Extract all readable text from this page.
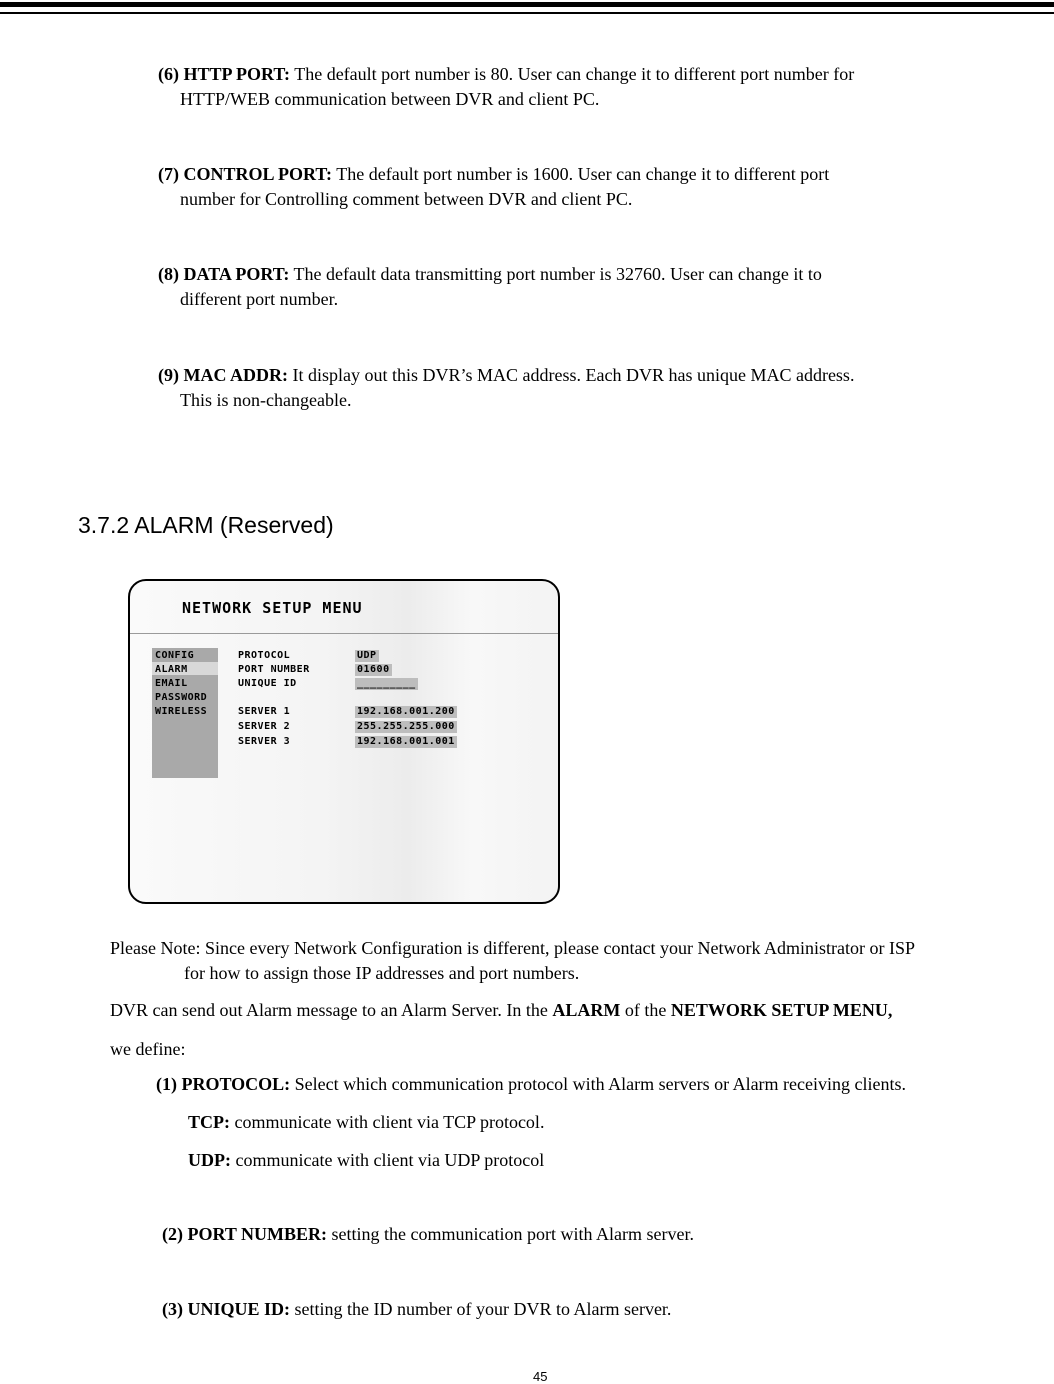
(6) HTTP PORT: The default port number is 80. User can change it to different port number for
HTTP/WEB communication between DVR and client PC.
(7) CONTROL PORT: The default port number is 1600. User can change it to different port
number for Controlling comment between DVR and client PC.
(8) DATA PORT: The default data transmitting port number is 32760. User can change it to
different port number.
(9) MAC ADDR: It display out this DVR’s MAC address. Each DVR has unique MAC address.
This is non-changeable.
3.7.2 ALARM (Reserved)
NETWORK SETUP MENU
CONFIG
ALARM
EMAIL
PASSWORD
WIRELESS
PROTOCOL	UDP
PORT NUMBER	01600
UNIQUE ID	_________
SERVER 1	192.168.001.200
SERVER 2	255.255.255.000
SERVER 3	192.168.001.001
Please Note: Since every Network Configuration is different, please contact your Network Administrator or ISP
for how to assign those IP addresses and port numbers.
DVR can send out Alarm message to an Alarm Server. In the ALARM of the NETWORK SETUP MENU,
we define:
(1) PROTOCOL: Select which communication protocol with Alarm servers or Alarm receiving clients.
TCP: communicate with client via TCP protocol.
UDP: communicate with client via UDP protocol
(2) PORT NUMBER: setting the communication port with Alarm server.
(3) UNIQUE ID: setting the ID number of your DVR to Alarm server.
45
